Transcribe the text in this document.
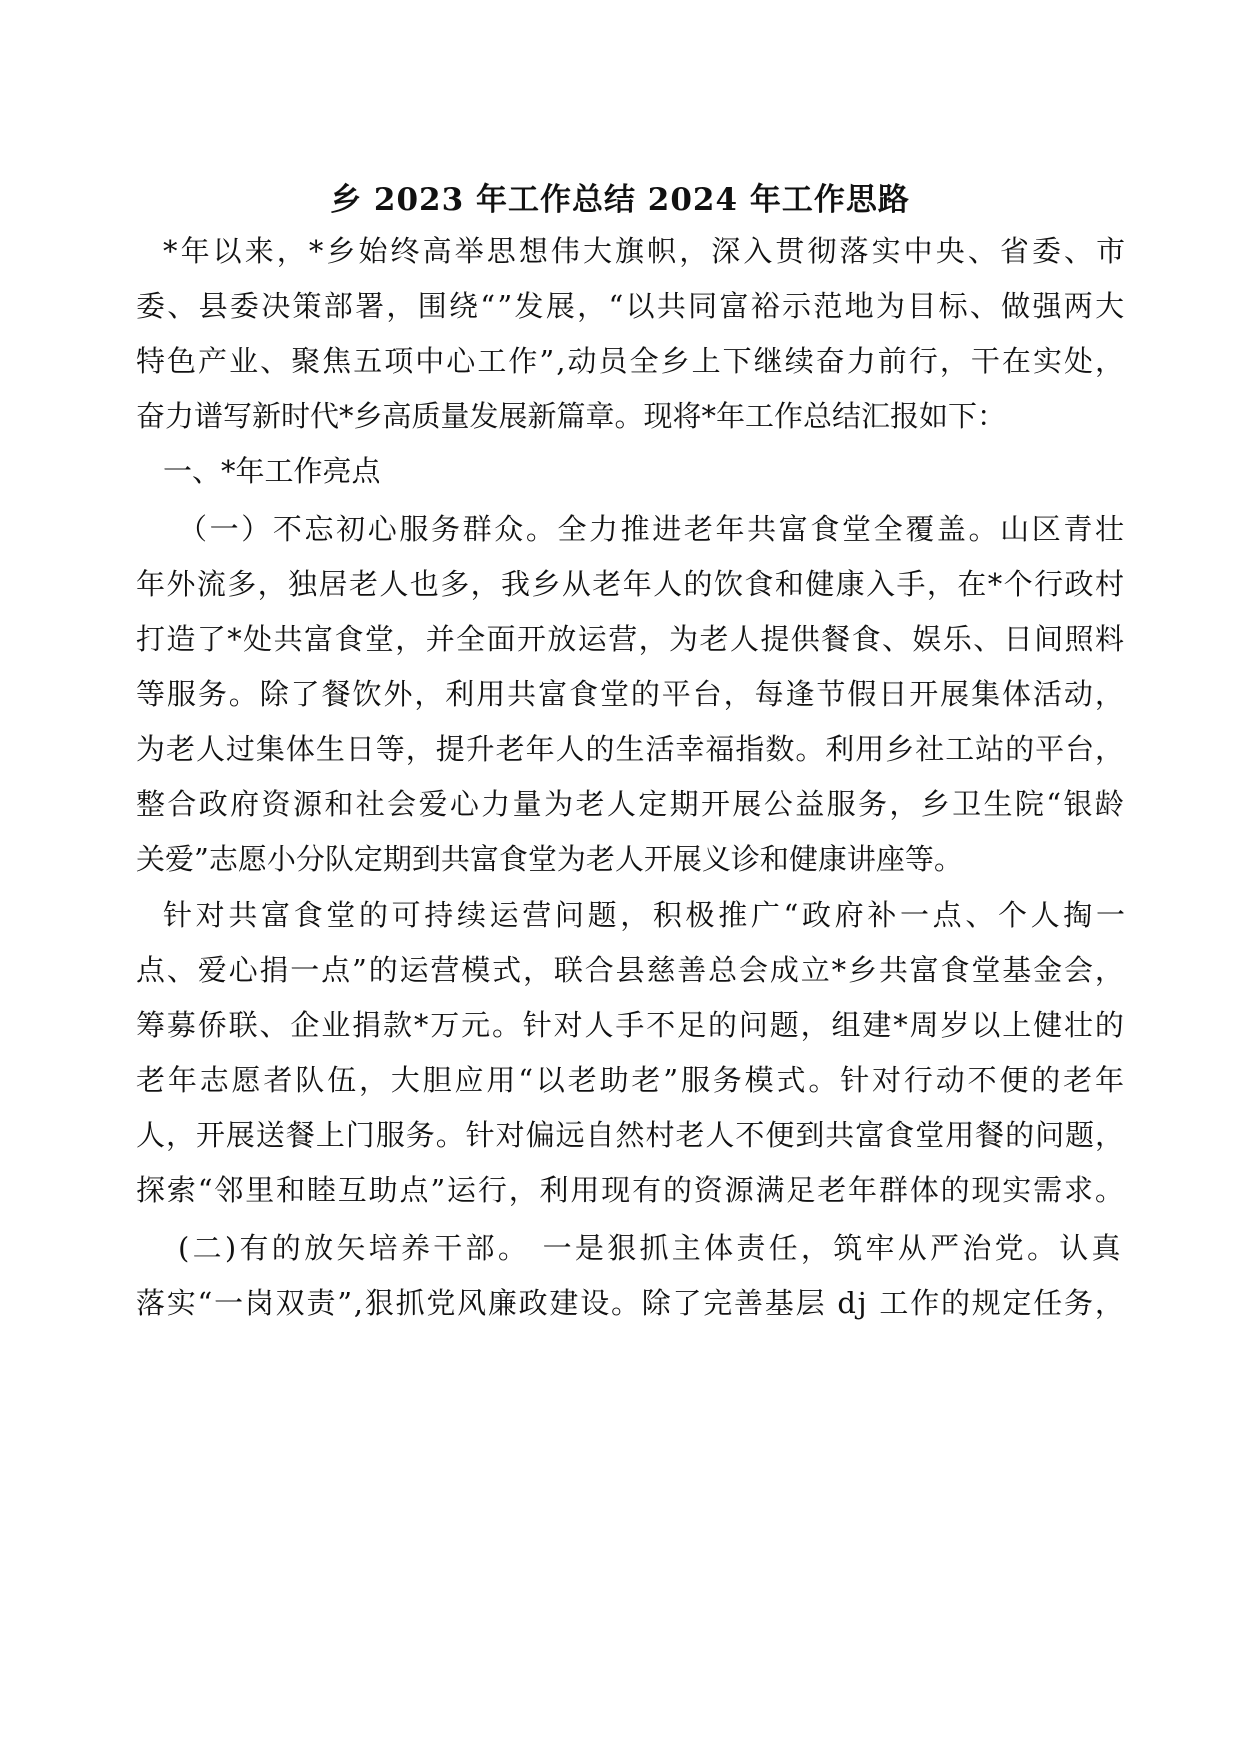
乡 2023 年工作总结 2024 年工作思路
*年以来，*乡始终高举思想伟大旗帜，深入贯彻落实中央、省委、市
委、县委决策部署，围绕“”发展，“以共同富裕示范地为目标、做强两大
特色产业、聚焦五项中心工作”,动员全乡上下继续奋力前行，干在实处，
奋力谱写新时代*乡高质量发展新篇章。现将*年工作总结汇报如下：
一、*年工作亮点
（一）不忘初心服务群众。全力推进老年共富食堂全覆盖。山区青壮
年外流多，独居老人也多，我乡从老年人的饮食和健康入手，在*个行政村
打造了*处共富食堂，并全面开放运营，为老人提供餐食、娱乐、日间照料
等服务。除了餐饮外，利用共富食堂的平台，每逢节假日开展集体活动，
为老人过集体生日等，提升老年人的生活幸福指数。利用乡社工站的平台，
整合政府资源和社会爱心力量为老人定期开展公益服务，乡卫生院“银龄
关爱”志愿小分队定期到共富食堂为老人开展义诊和健康讲座等。
针对共富食堂的可持续运营问题，积极推广“政府补一点、个人掏一
点、爱心捐一点”的运营模式，联合县慈善总会成立*乡共富食堂基金会，
筹募侨联、企业捐款*万元。针对人手不足的问题，组建*周岁以上健壮的
老年志愿者队伍，大胆应用“以老助老”服务模式。针对行动不便的老年
人，开展送餐上门服务。针对偏远自然村老人不便到共富食堂用餐的问题，
探索“邻里和睦互助点”运行，利用现有的资源满足老年群体的现实需求。
(二)有的放矢培养干部。 一是狠抓主体责任，筑牢从严治党。认真
落实“一岗双责”,狠抓党风廉政建设。除了完善基层 dj 工作的规定任务，
